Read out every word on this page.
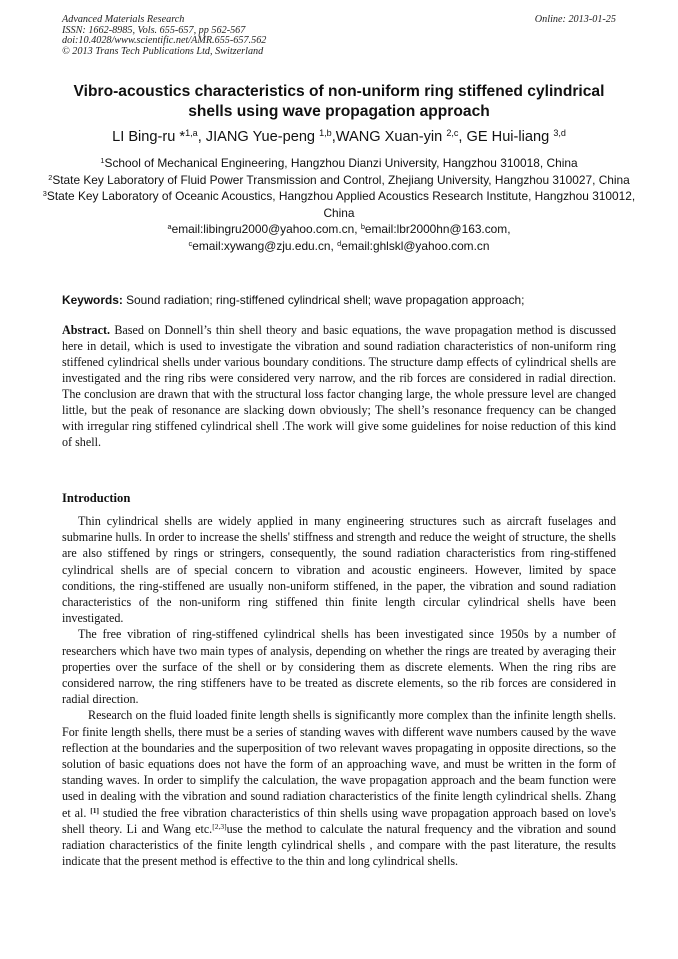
Advanced Materials Research
ISSN: 1662-8985, Vols. 655-657, pp 562-567
doi:10.4028/www.scientific.net/AMR.655-657.562
© 2013 Trans Tech Publications Ltd, Switzerland
Online: 2013-01-25
Vibro-acoustics characteristics of non-uniform ring stiffened cylindrical shells using wave propagation approach
LI Bing-ru *$^{1,a}$, JIANG Yue-peng $^{1,b}$,WANG Xuan-yin $^{2,c}$, GE Hui-liang $^{3,d}$
$^1$School of Mechanical Engineering, Hangzhou Dianzi University, Hangzhou 310018, China
$^2$State Key Laboratory of Fluid Power Transmission and Control, Zhejiang University, Hangzhou 310027, China
$^3$State Key Laboratory of Oceanic Acoustics, Hangzhou Applied Acoustics Research Institute, Hangzhou 310012, China
$^a$email:libingru2000@yahoo.com.cn, $^b$email:lbr2000hn@163.com,
$^c$email:xywang@zju.edu.cn, $^d$email:ghlskl@yahoo.com.cn
Keywords: Sound radiation; ring-stiffened cylindrical shell; wave propagation approach;
Abstract. Based on Donnell’s thin shell theory and basic equations, the wave propagation method is discussed here in detail, which is used to investigate the vibration and sound radiation characteristics of non-uniform ring stiffened cylindrical shells under various boundary conditions. The structure damp effects of cylindrical shells are investigated and the ring ribs were considered very narrow, and the rib forces are considered in radial direction. The conclusion are drawn that with the structural loss factor changing large, the whole pressure level are changed little, but the peak of resonance are slacking down obviously; The shell’s resonance frequency can be changed with irregular ring stiffened cylindrical shell .The work will give some guidelines for noise reduction of this kind of shell.
Introduction

Thin cylindrical shells are widely applied in many engineering structures such as aircraft fuselages and submarine hulls. In order to increase the shells' stiffness and strength and reduce the weight of structure, the shells are also stiffened by rings or stringers, consequently, the sound radiation characteristics from ring-stiffened cylindrical shells are of special concern to vibration and acoustic engineers. However, limited by space conditions, the ring-stiffened are usually non-uniform stiffened, in the paper, the vibration and sound radiation characteristics of the non-uniform ring stiffened thin finite length circular cylindrical shells have been investigated.

The free vibration of ring-stiffened cylindrical shells has been investigated since 1950s by a number of researchers which have two main types of analysis, depending on whether the rings are treated by averaging their properties over the surface of the shell or by considering them as discrete elements. When the ring ribs are considered narrow, the ring stiffeners have to be treated as discrete elements, so the rib forces are considered in radial direction.

Research on the fluid loaded finite length shells is significantly more complex than the infinite length shells. For finite length shells, there must be a series of standing waves with different wave numbers caused by the wave reflection at the boundaries and the superposition of two relevant waves propagating in opposite directions, so the solution of basic equations does not have the form of an approaching wave, and must be written in the form of standing waves. In order to simplify the calculation, the wave propagation approach and the beam function were used in dealing with the vibration and sound radiation characteristics of the finite length cylindrical shells. Zhang et al. [1] studied the free vibration characteristics of thin shells using wave propagation approach based on love's shell theory. Li and Wang etc.[2,3]use the method to calculate the natural frequency and the vibration and sound radiation characteristics of the finite length cylindrical shells , and compare with the past literature, the results indicate that the present method is effective to the thin and long cylindrical shells.
